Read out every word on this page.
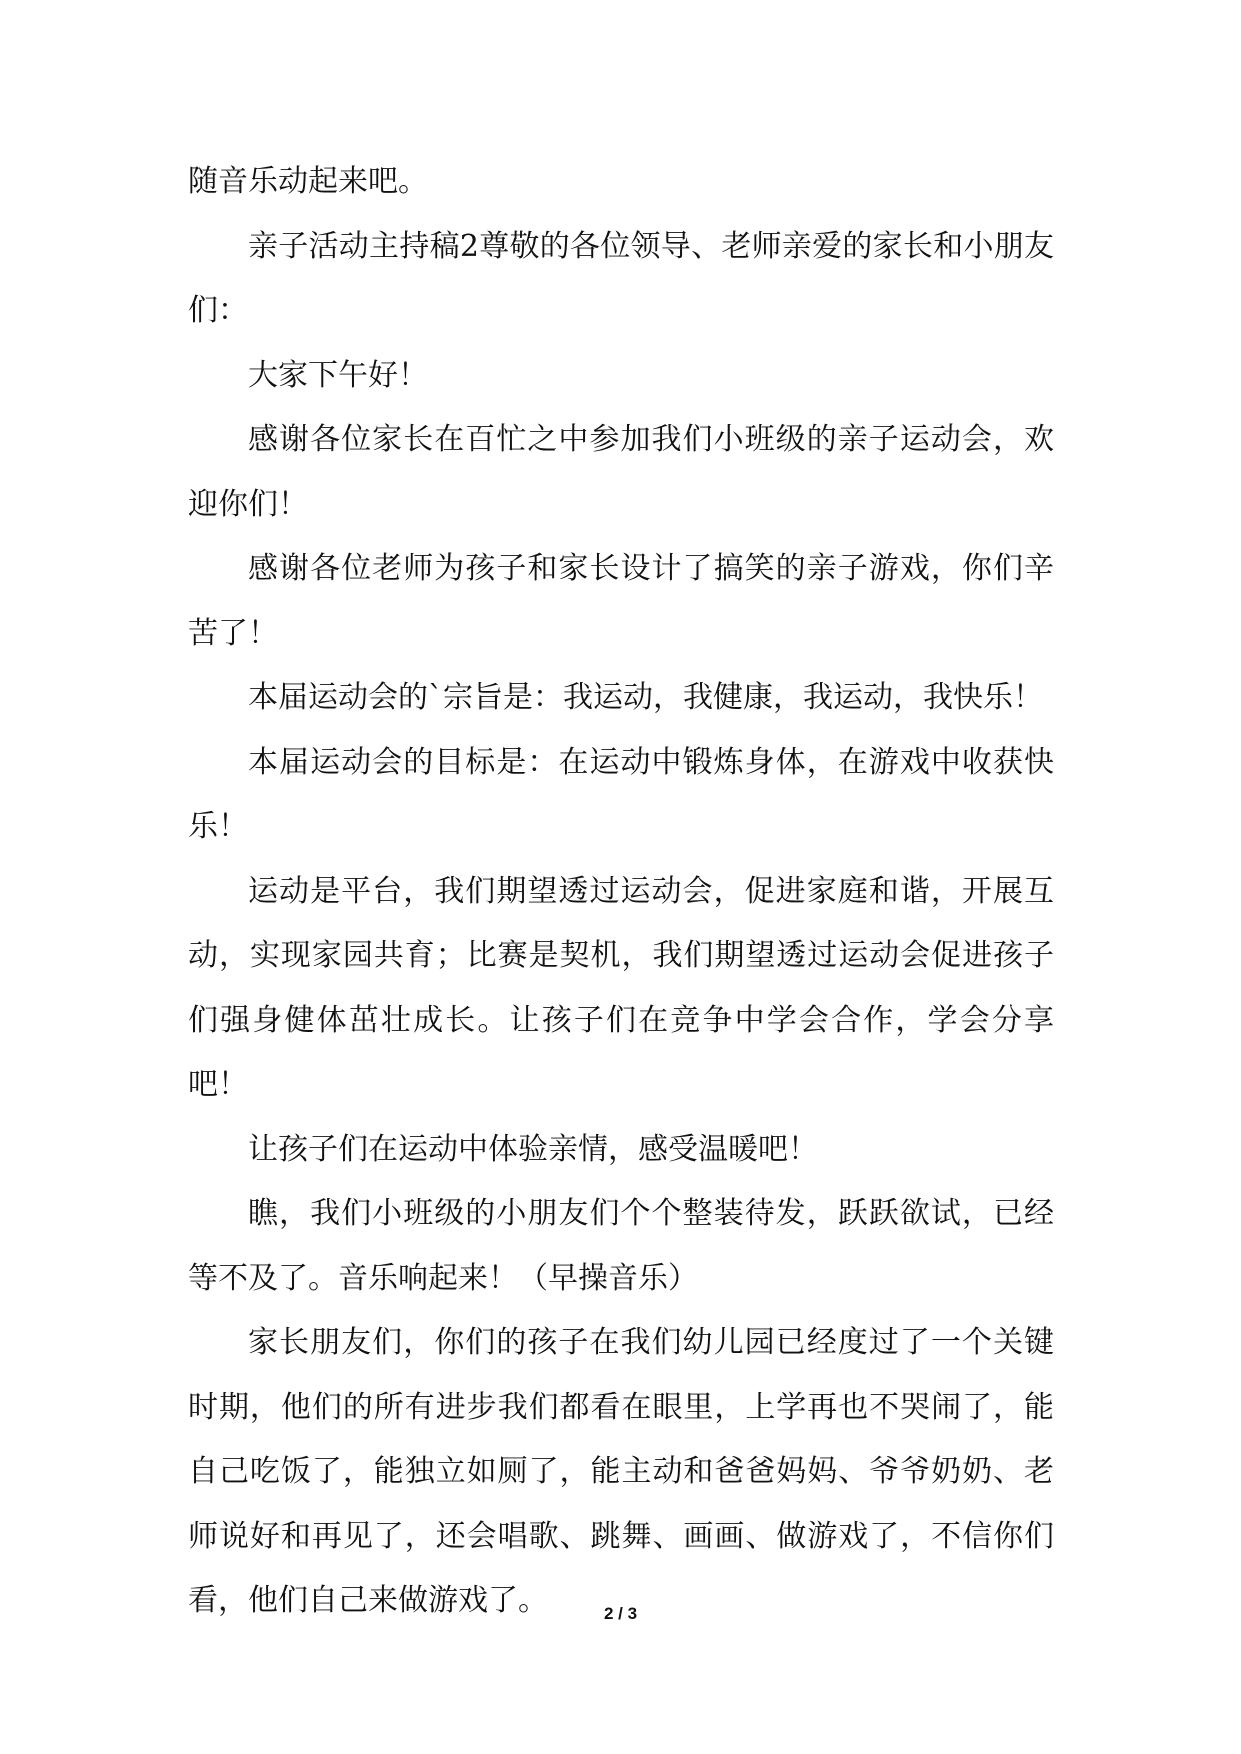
随音乐动起来吧。

亲子活动主持稿2尊敬的各位领导、老师亲爱的家长和小朋友们：

大家下午好！

感谢各位家长在百忙之中参加我们小班级的亲子运动会，欢迎你们！

感谢各位老师为孩子和家长设计了搞笑的亲子游戏，你们辛苦了！

本届运动会的`宗旨是：我运动，我健康，我运动，我快乐！

本届运动会的目标是：在运动中锻炼身体，在游戏中收获快乐！

运动是平台，我们期望透过运动会，促进家庭和谐，开展互动，实现家园共育；比赛是契机，我们期望透过运动会促进孩子们强身健体茁壮成长。让孩子们在竞争中学会合作，学会分享吧！

让孩子们在运动中体验亲情，感受温暖吧！

瞧，我们小班级的小朋友们个个整装待发，跃跃欲试，已经等不及了。音乐响起来！（早操音乐）

家长朋友们，你们的孩子在我们幼儿园已经度过了一个关键时期，他们的所有进步我们都看在眼里，上学再也不哭闹了，能自己吃饭了，能独立如厕了，能主动和爸爸妈妈、爷爷奶奶、老师说好和再见了，还会唱歌、跳舞、画画、做游戏了，不信你们看，他们自己来做游戏了。	2 / 3
